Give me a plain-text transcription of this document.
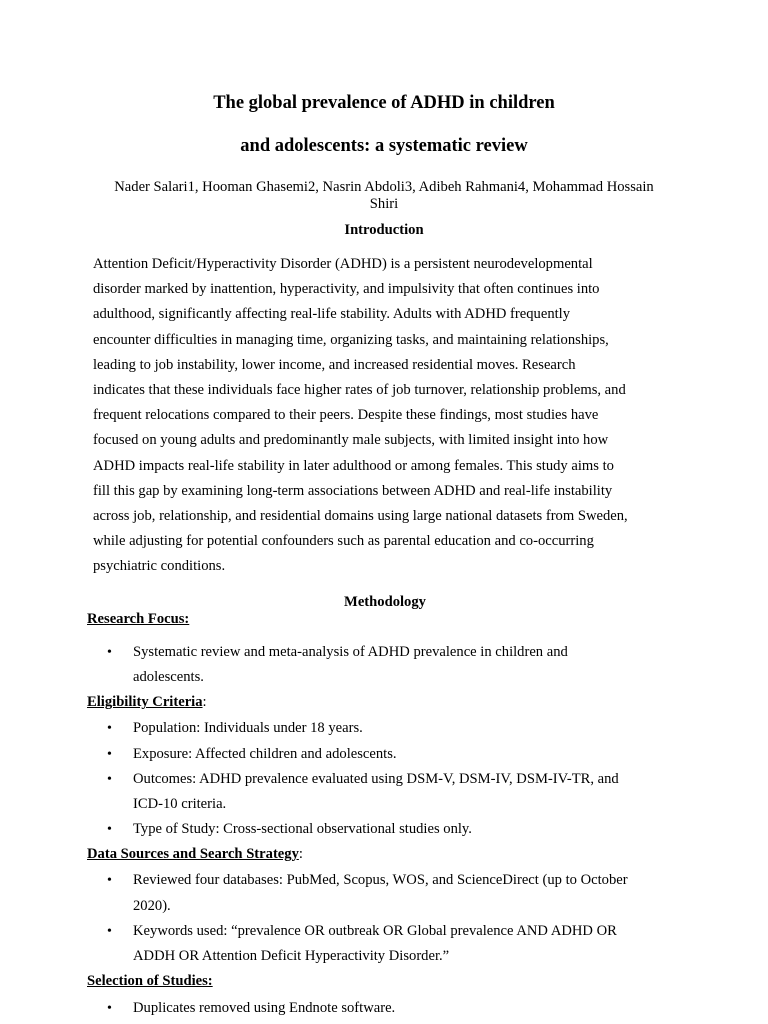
The global prevalence of ADHD in children
and adolescents: a systematic review

Nader Salari1, Hooman Ghasemi2, Nasrin Abdoli3, Adibeh Rahmani4, Mohammad Hossain
Shiri

Introduction

Attention Deficit/Hyperactivity Disorder (ADHD) is a persistent neurodevelopmental
disorder marked by inattention, hyperactivity, and impulsivity that often continues into
adulthood, significantly affecting real-life stability. Adults with ADHD frequently
encounter difficulties in managing time, organizing tasks, and maintaining relationships,
leading to job instability, lower income, and increased residential moves. Research
indicates that these individuals face higher rates of job turnover, relationship problems, and
frequent relocations compared to their peers. Despite these findings, most studies have
focused on young adults and predominantly male subjects, with limited insight into how
ADHD impacts real-life stability in later adulthood or among females. This study aims to
fill this gap by examining long-term associations between ADHD and real-life instability
across job, relationship, and residential domains using large national datasets from Sweden,
while adjusting for potential confounders such as parental education and co-occurring
psychiatric conditions.

Methodology

Research Focus:

• Systematic review and meta-analysis of ADHD prevalence in children and
adolescents.

Eligibility Criteria:

• Population: Individuals under 18 years.
• Exposure: Affected children and adolescents.
• Outcomes: ADHD prevalence evaluated using DSM-V, DSM-IV, DSM-IV-TR, and
ICD-10 criteria.
• Type of Study: Cross-sectional observational studies only.

Data Sources and Search Strategy:

• Reviewed four databases: PubMed, Scopus, WOS, and ScienceDirect (up to October
2020).
• Keywords used: “prevalence OR outbreak OR Global prevalence AND ADHD OR
ADDH OR Attention Deficit Hyperactivity Disorder.”

Selection of Studies:

• Duplicates removed using Endnote software.
